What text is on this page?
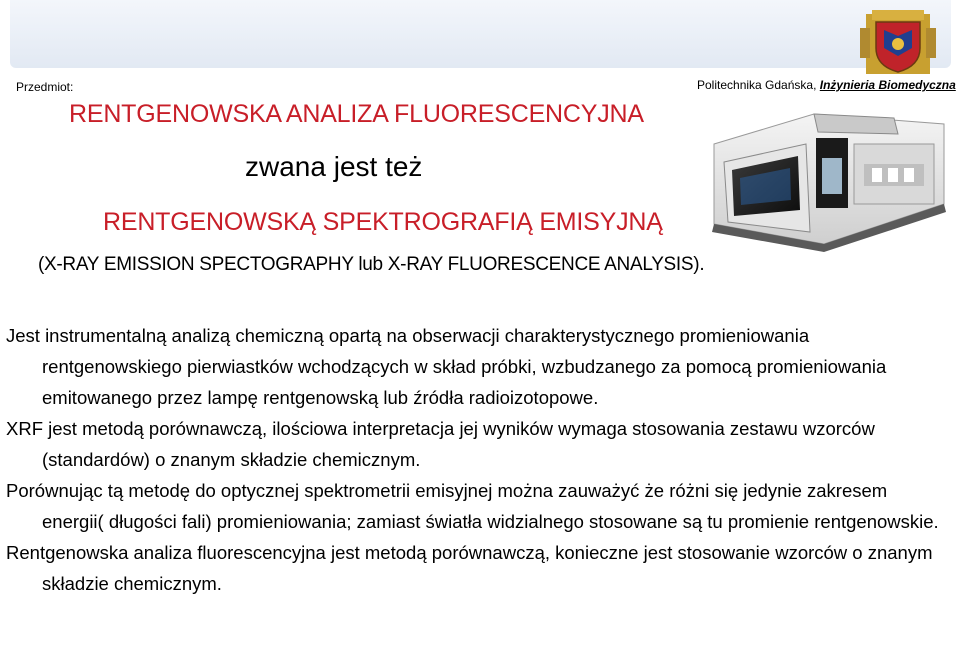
Przedmiot:	Politechnika Gdańska, Inżynieria Biomedyczna
RENTGENOWSKA ANALIZA FLUORESCENCYJNA
zwana jest też
RENTGENOWSKĄ SPEKTROGRAFIĄ EMISYJNĄ
(X-RAY EMISSION SPECTOGRAPHY lub X-RAY FLUORESCENCE ANALYSIS).

Jest instrumentalną analizą chemiczną opartą na obserwacji charakterystycznego promieniowania rentgenowskiego pierwiastków wchodzących w skład próbki, wzbudzanego za pomocą promieniowania emitowanego przez lampę rentgenowską lub źródła radioizotopowe.

XRF jest metodą porównawczą, ilościowa interpretacja jej wyników wymaga stosowania zestawu wzorców (standardów) o znanym składzie chemicznym.

Porównując tą metodę do optycznej spektrometrii emisyjnej można zauważyć że różni się jedynie zakresem energii( długości fali) promieniowania; zamiast światła widzialnego stosowane są tu promienie rentgenowskie.

Rentgenowska analiza fluorescencyjna jest metodą porównawczą, konieczne jest stosowanie wzorców o znanym składzie chemicznym.
